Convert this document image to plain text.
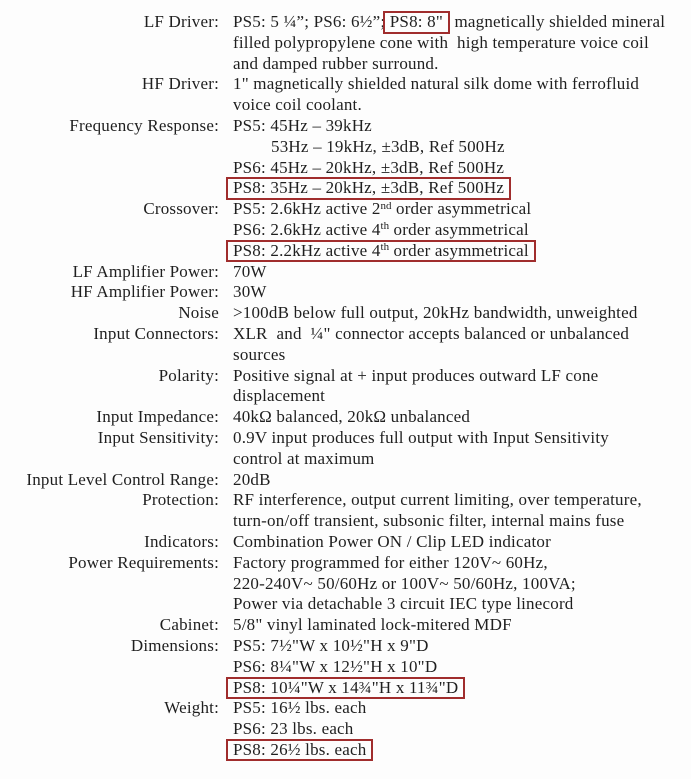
LF Driver: PS5: 5 ¼”; PS6: 6½”; PS8: 8" magnetically shielded mineral
filled polypropylene cone with  high temperature voice coil
and damped rubber surround.
HF Driver: 1" magnetically shielded natural silk dome with ferrofluid
voice coil coolant.
Frequency Response: PS5: 45Hz – 39kHz
53Hz – 19kHz, ±3dB, Ref 500Hz
PS6: 45Hz – 20kHz, ±3dB, Ref 500Hz
PS8: 35Hz – 20kHz, ±3dB, Ref 500Hz
Crossover: PS5: 2.6kHz active 2nd order asymmetrical
PS6: 2.6kHz active 4th order asymmetrical
PS8: 2.2kHz active 4th order asymmetrical
LF Amplifier Power: 70W
HF Amplifier Power: 30W
Noise >100dB below full output, 20kHz bandwidth, unweighted
Input Connectors: XLR  and  ¼" connector accepts balanced or unbalanced
sources
Polarity: Positive signal at + input produces outward LF cone
displacement
Input Impedance: 40kΩ balanced, 20kΩ unbalanced
Input Sensitivity: 0.9V input produces full output with Input Sensitivity
control at maximum
Input Level Control Range: 20dB
Protection: RF interference, output current limiting, over temperature,
turn-on/off transient, subsonic filter, internal mains fuse
Indicators: Combination Power ON / Clip LED indicator
Power Requirements: Factory programmed for either 120V~ 60Hz,
220-240V~ 50/60Hz or 100V~ 50/60Hz, 100VA;
Power via detachable 3 circuit IEC type linecord
Cabinet: 5/8" vinyl laminated lock-mitered MDF
Dimensions: PS5: 7½"W x 10½"H x 9"D
PS6: 8¼"W x 12½"H x 10"D
PS8: 10¼"W x 14¾"H x 11¾"D
Weight: PS5: 16½ lbs. each
PS6: 23 lbs. each
PS8: 26½ lbs. each
